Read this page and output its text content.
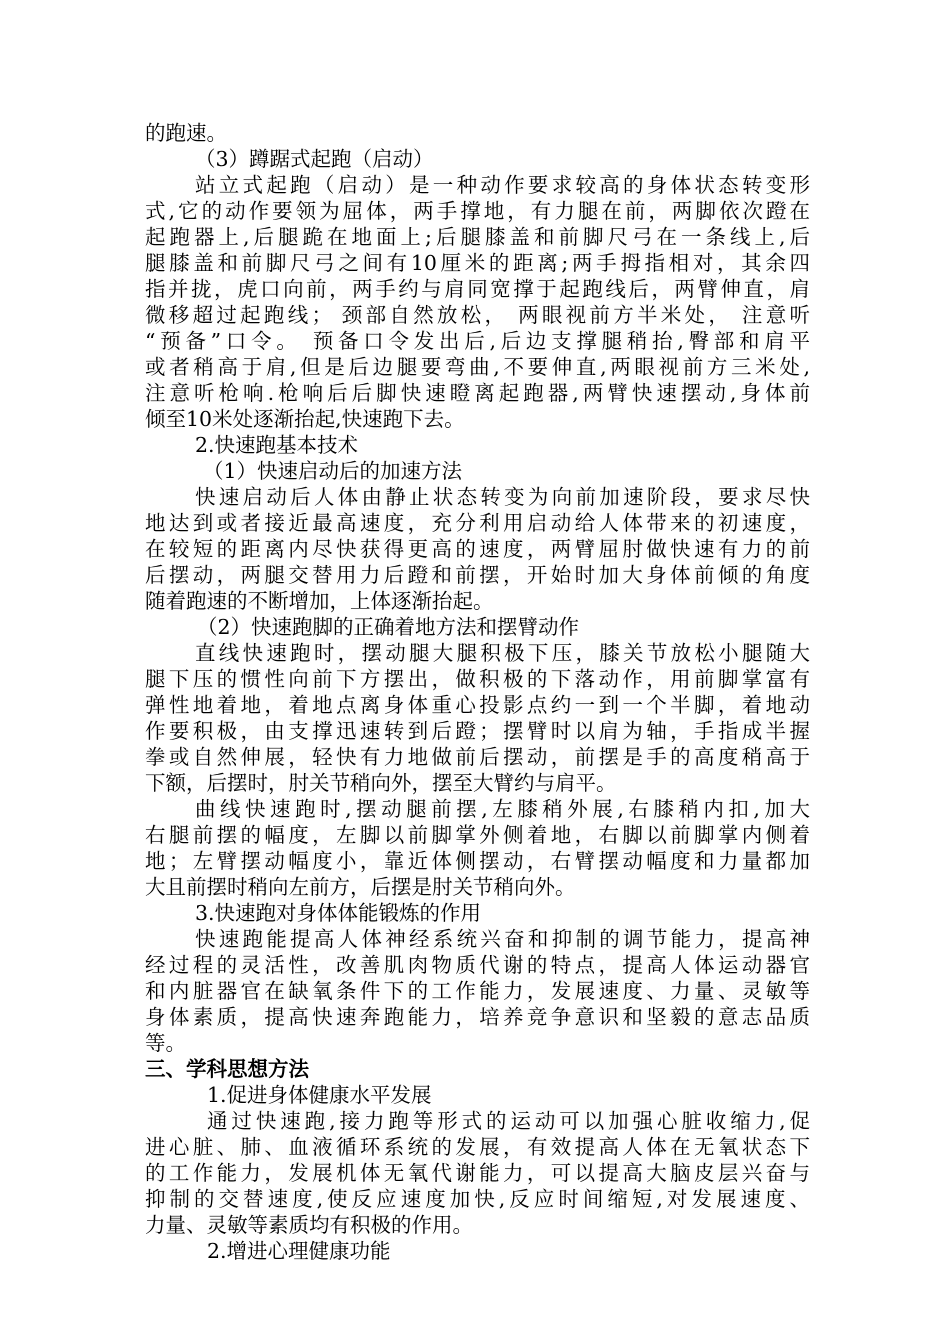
的跑速。
（3）蹲踞式起跑（启动）
站立式起跑（启动）是一种动作要求较高的身体状态转变形
式,它的动作要领为屈体，两手撑地，有力腿在前，两脚依次蹬在
起跑器上,后腿跪在地面上;后腿膝盖和前脚尺弓在一条线上,后
腿膝盖和前脚尺弓之间有10厘米的距离;两手拇指相对，其余四
指并拢，虎口向前，两手约与肩同宽撑于起跑线后，两臂伸直，肩
微移超过起跑线； 颈部自然放松， 两眼视前方半米处， 注意听
“预备”口令。 预备口令发出后,后边支撑腿稍抬,臀部和肩平
或者稍高于肩,但是后边腿要弯曲,不要伸直,两眼视前方三米处,
注意听枪响.枪响后后脚快速瞪离起跑器,两臂快速摆动,身体前
倾至10米处逐渐抬起,快速跑下去。
2.快速跑基本技术
（1）快速启动后的加速方法
快速启动后人体由静止状态转变为向前加速阶段，要求尽快
地达到或者接近最高速度，充分利用启动给人体带来的初速度，
在较短的距离内尽快获得更高的速度，两臂屈肘做快速有力的前
后摆动，两腿交替用力后蹬和前摆，开始时加大身体前倾的角度
随着跑速的不断增加，上体逐渐抬起。
（2）快速跑脚的正确着地方法和摆臂动作
直线快速跑时，摆动腿大腿积极下压，膝关节放松小腿随大
腿下压的惯性向前下方摆出，做积极的下落动作，用前脚掌富有
弹性地着地，着地点离身体重心投影点约一到一个半脚，着地动
作要积极，由支撑迅速转到后蹬；摆臂时以肩为轴，手指成半握
拳或自然伸展，轻快有力地做前后摆动，前摆是手的高度稍高于
下额，后摆时，肘关节稍向外，摆至大臂约与肩平。
曲线快速跑时,摆动腿前摆,左膝稍外展,右膝稍内扣,加大
右腿前摆的幅度，左脚以前脚掌外侧着地，右脚以前脚掌内侧着
地；左臂摆动幅度小，靠近体侧摆动，右臂摆动幅度和力量都加
大且前摆时稍向左前方，后摆是肘关节稍向外。
3.快速跑对身体体能锻炼的作用
快速跑能提高人体神经系统兴奋和抑制的调节能力，提高神
经过程的灵活性，改善肌肉物质代谢的特点，提高人体运动器官
和内脏器官在缺氧条件下的工作能力，发展速度、力量、灵敏等
身体素质，提高快速奔跑能力，培养竞争意识和坚毅的意志品质
等。
三、学科思想方法
1.促进身体健康水平发展
通过快速跑,接力跑等形式的运动可以加强心脏收缩力,促
进心脏、肺、血液循环系统的发展，有效提高人体在无氧状态下
的工作能力，发展机体无氧代谢能力，可以提高大脑皮层兴奋与
抑制的交替速度,使反应速度加快,反应时间缩短,对发展速度、
力量、灵敏等素质均有积极的作用。
2.增进心理健康功能
